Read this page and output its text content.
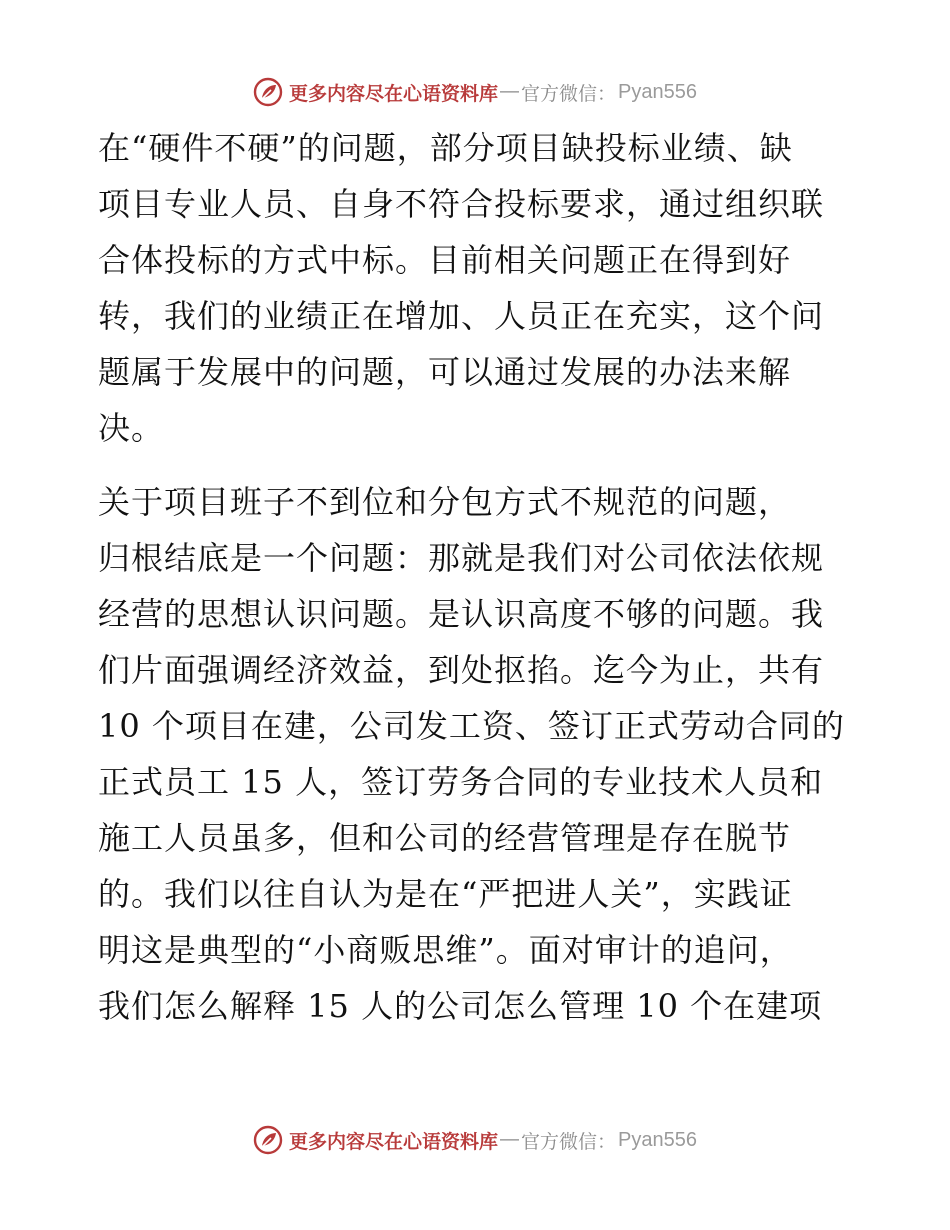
更多内容尽在心语资料库 — 官方微信： Pyan556
在“硬件不硬”的问题，部分项目缺投标业绩、缺
项目专业人员、自身不符合投标要求，通过组织联
合体投标的方式中标。目前相关问题正在得到好
转，我们的业绩正在增加、人员正在充实，这个问
题属于发展中的问题，可以通过发展的办法来解
决。
关于项目班子不到位和分包方式不规范的问题，
归根结底是一个问题：那就是我们对公司依法依规
经营的思想认识问题。是认识高度不够的问题。我
们片面强调经济效益，到处抠掐。迄今为止，共有
10 个项目在建，公司发工资、签订正式劳动合同的
正式员工 15 人，签订劳务合同的专业技术人员和
施工人员虽多，但和公司的经营管理是存在脱节
的。我们以往自认为是在“严把进人关”，实践证
明这是典型的“小商贩思维”。面对审计的追问，
我们怎么解释 15 人的公司怎么管理 10 个在建项
更多内容尽在心语资料库 — 官方微信： Pyan556
